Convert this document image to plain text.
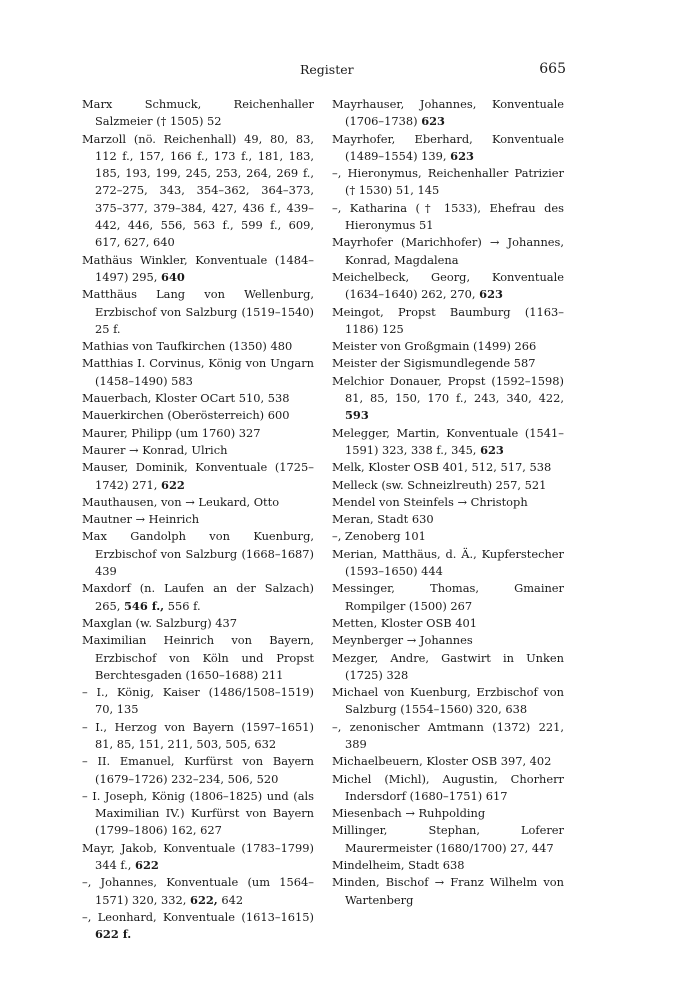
Register	665
Marx Schmuck, Reichenhaller Salzmeier († 1505) 52
Marzoll (nö. Reichenhall) 49, 80, 83, 112 f., 157, 166 f., 173 f., 181, 183, 185, 193, 199, 245, 253, 264, 269 f., 272–275, 343, 354–362, 364–373, 375–377, 379–384, 427, 436 f., 439–442, 446, 556, 563 f., 599 f., 609, 617, 627, 640
Mathäus Winkler, Konventuale (1484–1497) 295, 640
Matthäus Lang von Wellenburg, Erzbischof von Salzburg (1519–1540) 25 f.
Mathias von Taufkirchen (1350) 480
Matthias I. Corvinus, König von Ungarn (1458–1490) 583
Mauerbach, Kloster OCart 510, 538
Mauerkirchen (Oberösterreich) 600
Maurer, Philipp (um 1760) 327
Maurer → Konrad, Ulrich
Mauser, Dominik, Konventuale (1725–1742) 271, 622
Mauthausen, von → Leukard, Otto
Mautner → Heinrich
Max Gandolph von Kuenburg, Erzbischof von Salzburg (1668–1687) 439
Maxdorf (n. Laufen an der Salzach) 265, 546 f., 556 f.
Maxglan (w. Salzburg) 437
Maximilian Heinrich von Bayern, Erzbischof von Köln und Propst Berchtesgaden (1650–1688) 211
– I., König, Kaiser (1486/1508–1519) 70, 135
– I., Herzog von Bayern (1597–1651) 81, 85, 151, 211, 503, 505, 632
– II. Emanuel, Kurfürst von Bayern (1679–1726) 232–234, 506, 520
– I. Joseph, König (1806–1825) und (als Maximilian IV.) Kurfürst von Bayern (1799–1806) 162, 627
Mayr, Jakob, Konventuale (1783–1799) 344 f., 622
–, Johannes, Konventuale (um 1564–1571) 320, 332, 622, 642
–, Leonhard, Konventuale (1613–1615) 622 f.
Mayrhauser, Johannes, Konventuale (1706–1738) 623
Mayrhofer, Eberhard, Konventuale (1489–1554) 139, 623
–, Hieronymus, Reichenhaller Patrizier († 1530) 51, 145
–, Katharina († 1533), Ehefrau des Hieronymus 51
Mayrhofer (Marichhofer) → Johannes, Konrad, Magdalena
Meichelbeck, Georg, Konventuale (1634–1640) 262, 270, 623
Meingot, Propst Baumburg (1163–1186) 125
Meister von Großgmain (1499) 266
Meister der Sigismundlegende 587
Melchior Donauer, Propst (1592–1598) 81, 85, 150, 170 f., 243, 340, 422, 593
Melegger, Martin, Konventuale (1541–1591) 323, 338 f., 345, 623
Melk, Kloster OSB 401, 512, 517, 538
Melleck (sw. Schneizlreuth) 257, 521
Mendel von Steinfels → Christoph
Meran, Stadt 630
–, Zenoberg 101
Merian, Matthäus, d. Ä., Kupferstecher (1593–1650) 444
Messinger, Thomas, Gmainer Rompilger (1500) 267
Metten, Kloster OSB 401
Meynberger → Johannes
Mezger, Andre, Gastwirt in Unken (1725) 328
Michael von Kuenburg, Erzbischof von Salzburg (1554–1560) 320, 638
–, zenonischer Amtmann (1372) 221, 389
Michaelbeuern, Kloster OSB 397, 402
Michel (Michl), Augustin, Chorherr Indersdorf (1680–1751) 617
Miesenbach → Ruhpolding
Millinger, Stephan, Loferer Maurermeister (1680/1700) 27, 447
Mindelheim, Stadt 638
Minden, Bischof → Franz Wilhelm von Wartenberg
